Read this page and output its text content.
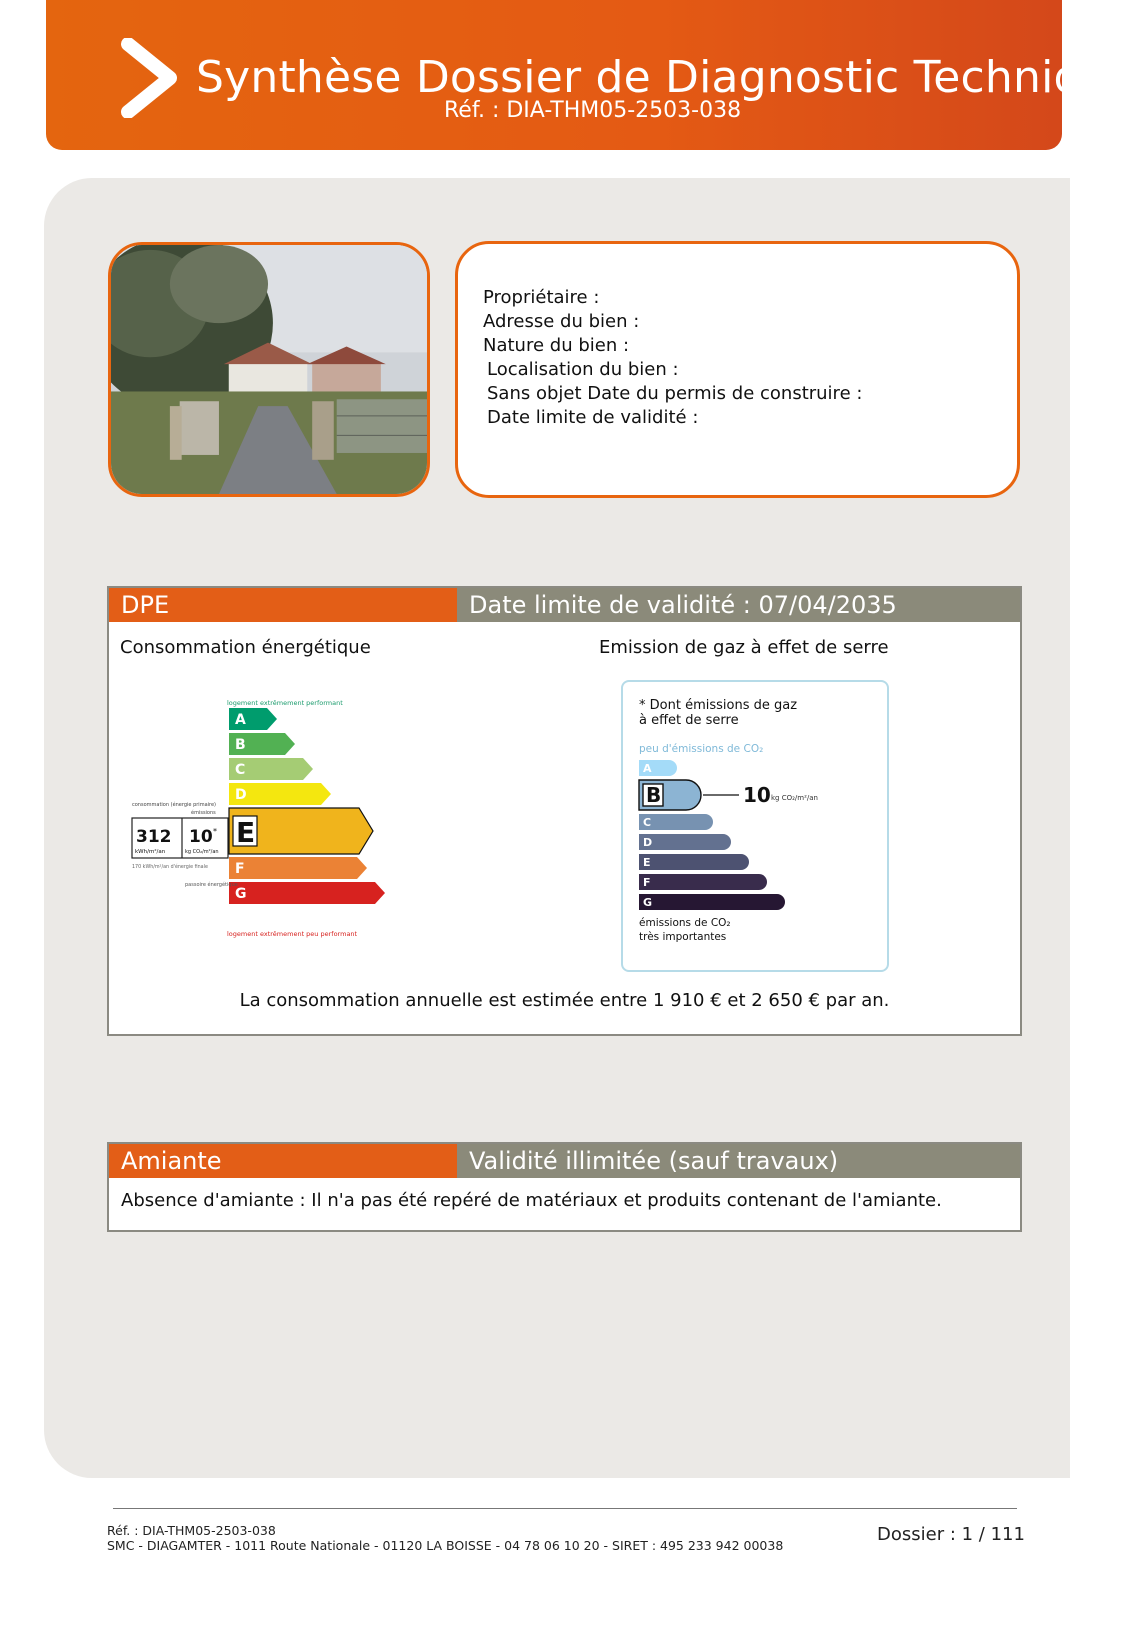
Synthèse Dossier de Diagnostic Technique
Réf. : DIA-THM05-2503-038
Propriétaire :
Adresse du bien :
Nature du bien :
Localisation du bien :
Sans objet Date du permis de construire :
Date limite de validité :
DPE	Date limite de validité : 07/04/2035
Consommation énergétique	Emission de gaz à effet de serre
logement extrêmement performant
A
B
C
D
E
F
G
logement extrêmement peu performant
consommation (énergie primaire)
émissions
312
kWh/m²/an
10 *
kg CO₂/m²/an
170 kWh/m²/an d'énergie finale
passoire énergétique
* Dont émissions de gaz
à effet de serre
peu d'émissions de CO₂
A
10 kg CO₂/m²/an
B
C
D
E
F
G
émissions de CO₂
très importantes
La consommation annuelle est estimée entre 1 910 € et 2 650 € par an.
Amiante	Validité illimitée (sauf travaux)
Absence d'amiante : Il n'a pas été repéré de matériaux et produits contenant de l'amiante.
Réf. : DIA-THM05-2503-038
SMC - DIAGAMTER - 1011 Route Nationale - 01120 LA BOISSE - 04 78 06 10 20 - SIRET : 495 233 942 00038
Dossier : 1 / 111
